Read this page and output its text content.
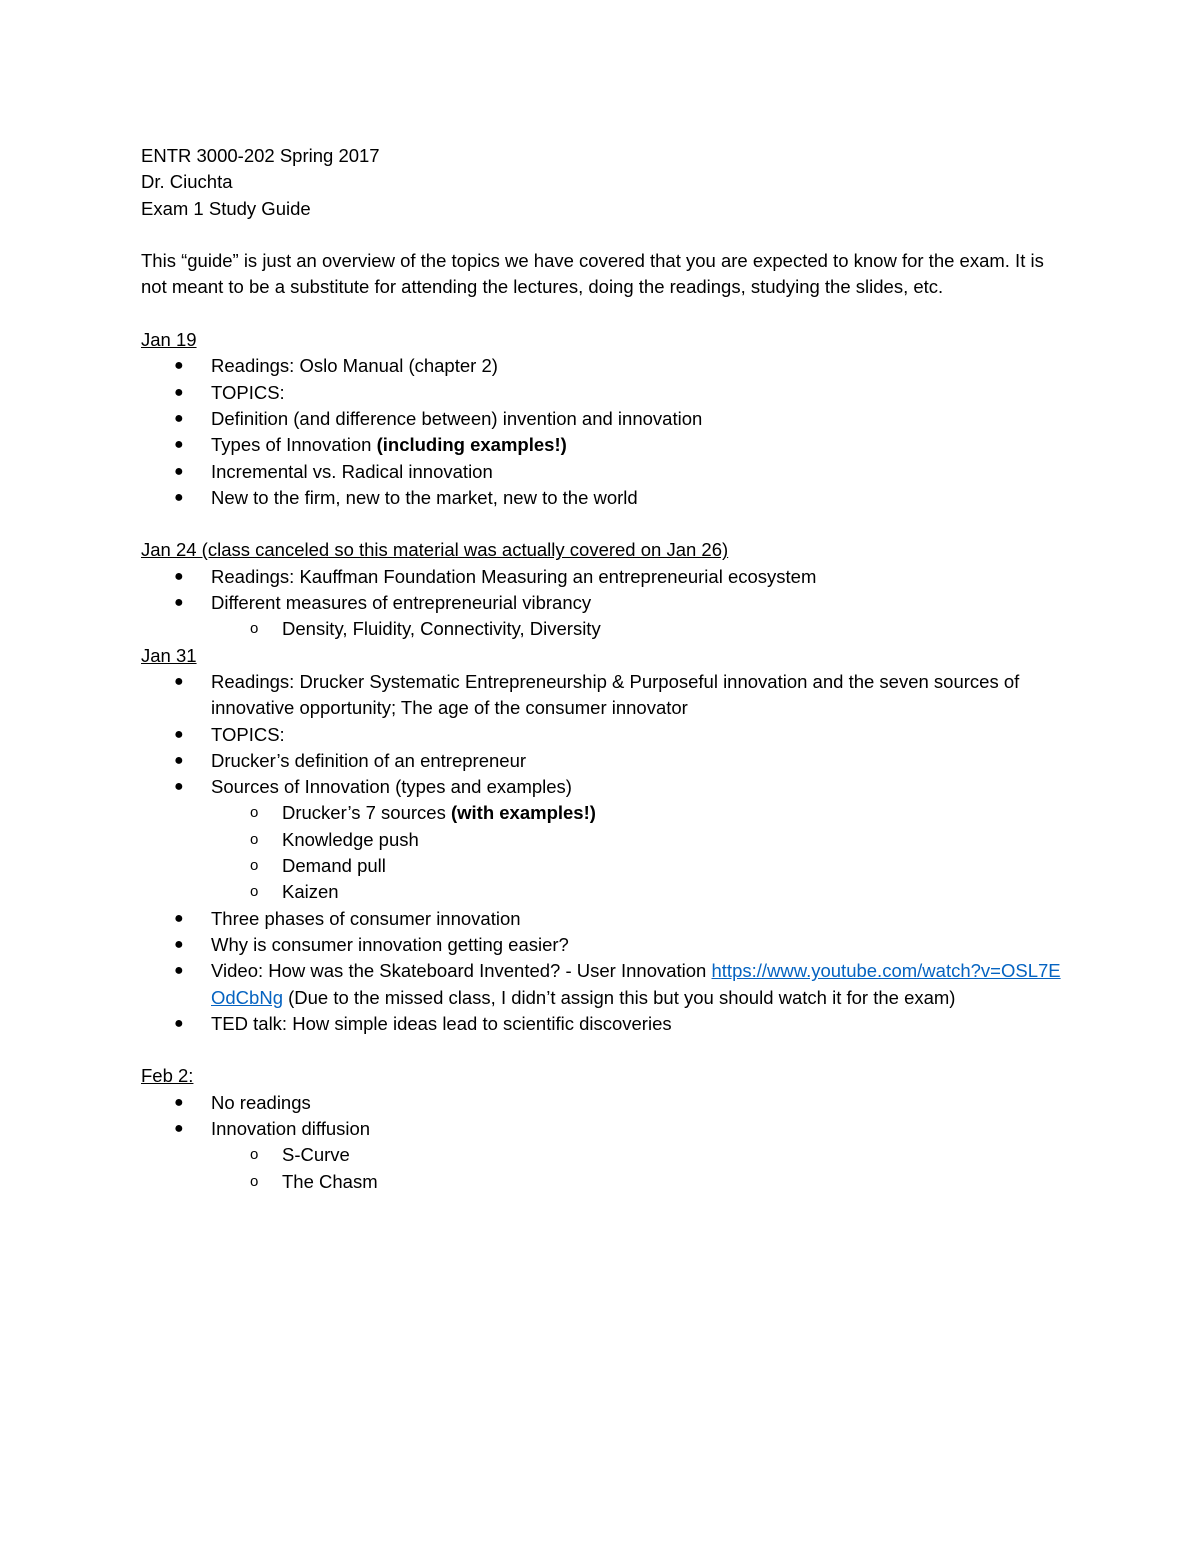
ENTR 3000-202 Spring 2017
Dr. Ciuchta
Exam 1 Study Guide
This “guide” is just an overview of the topics we have covered that you are expected to know for the exam. It is not meant to be a substitute for attending the lectures, doing the readings, studying the slides, etc.
Jan 19
● Readings: Oslo Manual (chapter 2)
● TOPICS:
● Definition (and difference between) invention and innovation
● Types of Innovation (including examples!)
● Incremental vs. Radical innovation
● New to the firm, new to the market, new to the world
Jan 24 (class canceled so this material was actually covered on Jan 26)
● Readings: Kauffman Foundation Measuring an entrepreneurial ecosystem
● Different measures of entrepreneurial vibrancy
o Density, Fluidity, Connectivity, Diversity
Jan 31
● Readings: Drucker Systematic Entrepreneurship & Purposeful innovation and the seven sources of innovative opportunity; The age of the consumer innovator
● TOPICS:
● Drucker’s definition of an entrepreneur
● Sources of Innovation (types and examples)
o Drucker’s 7 sources (with examples!)
o Knowledge push
o Demand pull
o Kaizen
● Three phases of consumer innovation
● Why is consumer innovation getting easier?
● Video: How was the Skateboard Invented? - User Innovation https://www.youtube.com/watch?v=OSL7EOdCbNg (Due to the missed class, I didn’t assign this but you should watch it for the exam)
● TED talk: How simple ideas lead to scientific discoveries
Feb 2:
● No readings
● Innovation diffusion
o S-Curve
o The Chasm
